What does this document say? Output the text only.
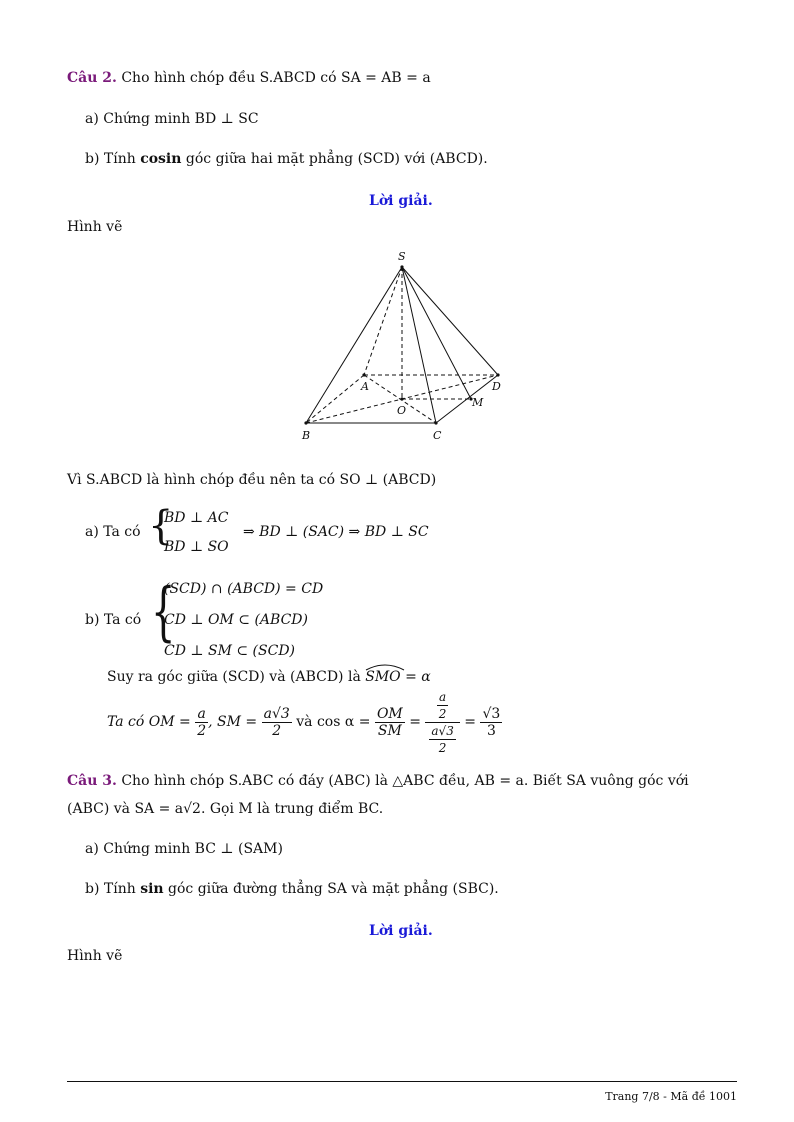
Câu 2. Cho hình chóp đều S.ABCD có SA = AB = a
a) Chứng minh BD ⊥ SC
b) Tính cosin góc giữa hai mặt phẳng (SCD) với (ABCD).
Lời giải.
Hình vẽ
S
A	D
M
O
B	C
Vì S.ABCD là hình chóp đều nên ta có SO ⊥ (ABCD)
a) Ta có {
BD ⊥ AC
BD ⊥ SO
⇒ BD ⊥ (SAC) ⇒ BD ⊥ SC
b) Ta có {
(SCD) ∩ (ABCD) = CD
CD ⊥ OM ⊂ (ABCD)
CD ⊥ SM ⊂ (SCD)
Suy ra góc giữa (SCD) và (ABCD) là SMO = α
Ta có OM =
$\frac{a}{2}$ , SM =
$\frac{a√3}{2}$
và cos α =
$\frac{OM}{SM}$
=
$\frac{\frac{a}{2}}{\frac{a√3}{2}}$
=
$\frac{√3}{3}$
Câu 3. Cho hình chóp S.ABC có đáy (ABC) là △ABC đều, AB = a. Biết SA vuông góc với
(ABC) và SA = a√2. Gọi M là trung điểm BC.
a) Chứng minh BC ⊥ (SAM)
b) Tính sin góc giữa đường thẳng SA và mặt phẳng (SBC).
Lời giải.
Hình vẽ
Trang 7/8 - Mã đề 1001
